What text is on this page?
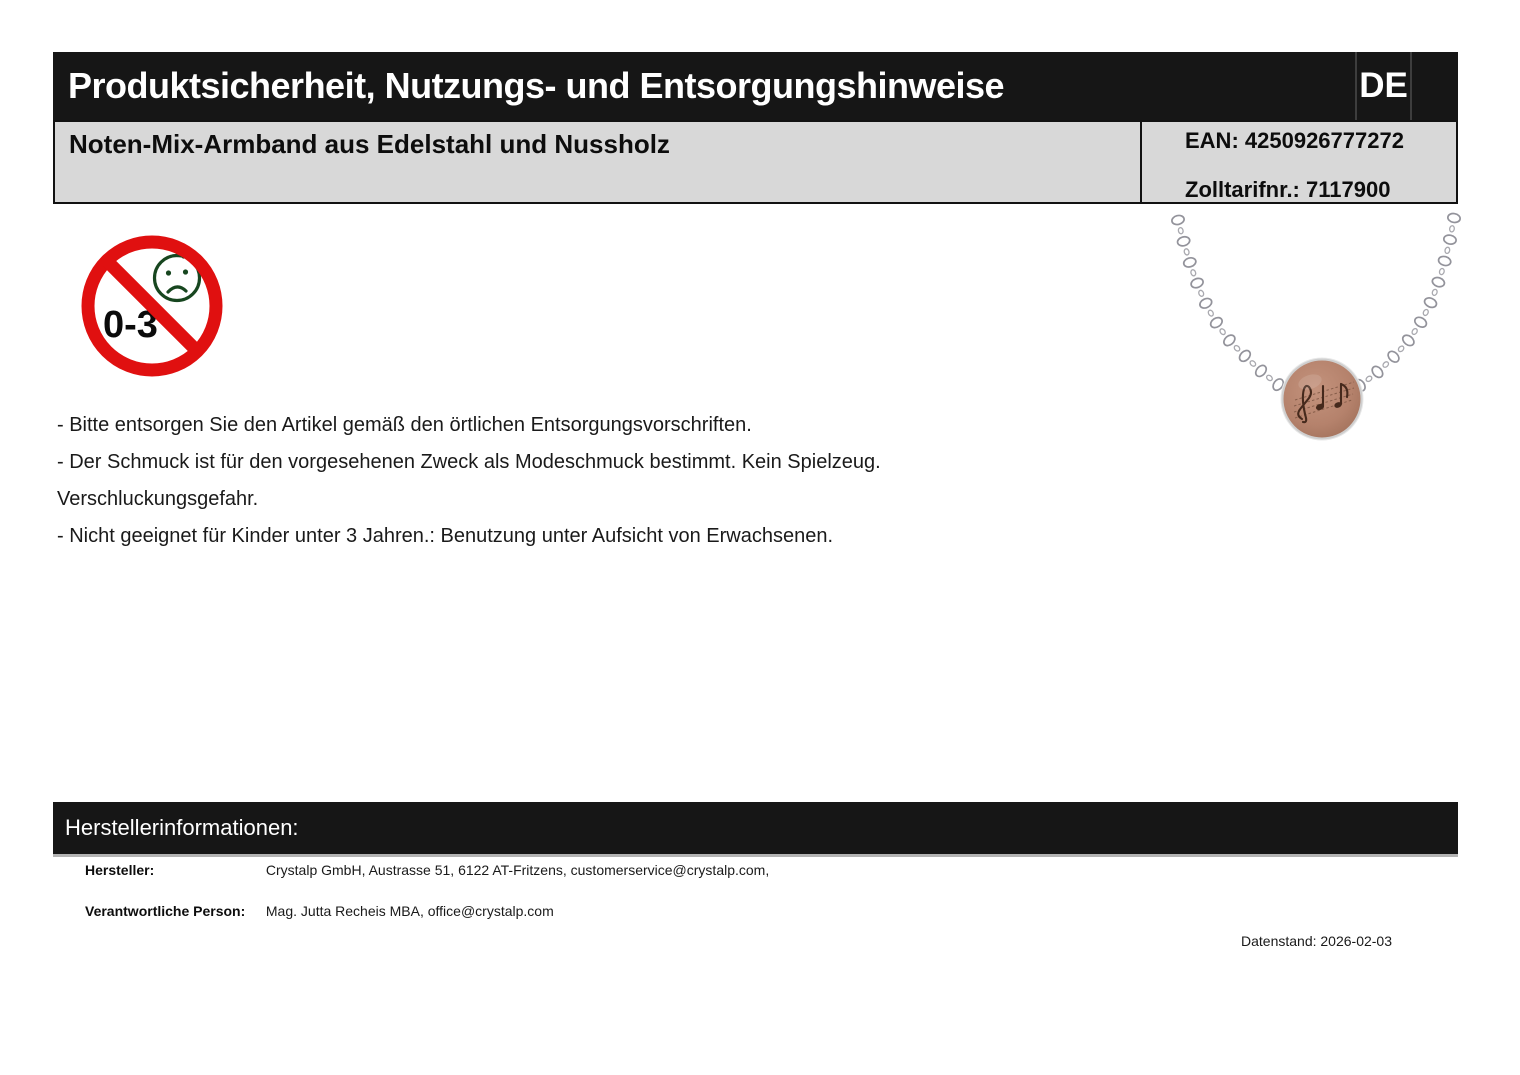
Produktsicherheit, Nutzungs- und Entsorgungshinweise	DE
Noten-Mix-Armband aus Edelstahl und Nussholz	EAN: 4250926777272
Zolltarifnr.: 7117900
0-3
- Bitte entsorgen Sie den Artikel gemäß den örtlichen Entsorgungsvorschriften.
- Der Schmuck ist für den vorgesehenen Zweck als Modeschmuck bestimmt. Kein Spielzeug.
Verschluckungsgefahr.
- Nicht geeignet für Kinder unter 3 Jahren.: Benutzung unter Aufsicht von Erwachsenen.
Herstellerinformationen:
Hersteller:	Crystalp GmbH, Austrasse 51, 6122 AT-Fritzens, customerservice@crystalp.com,
Verantwortliche Person: Mag. Jutta Recheis MBA, office@crystalp.com
Datenstand: 2026-02-03
